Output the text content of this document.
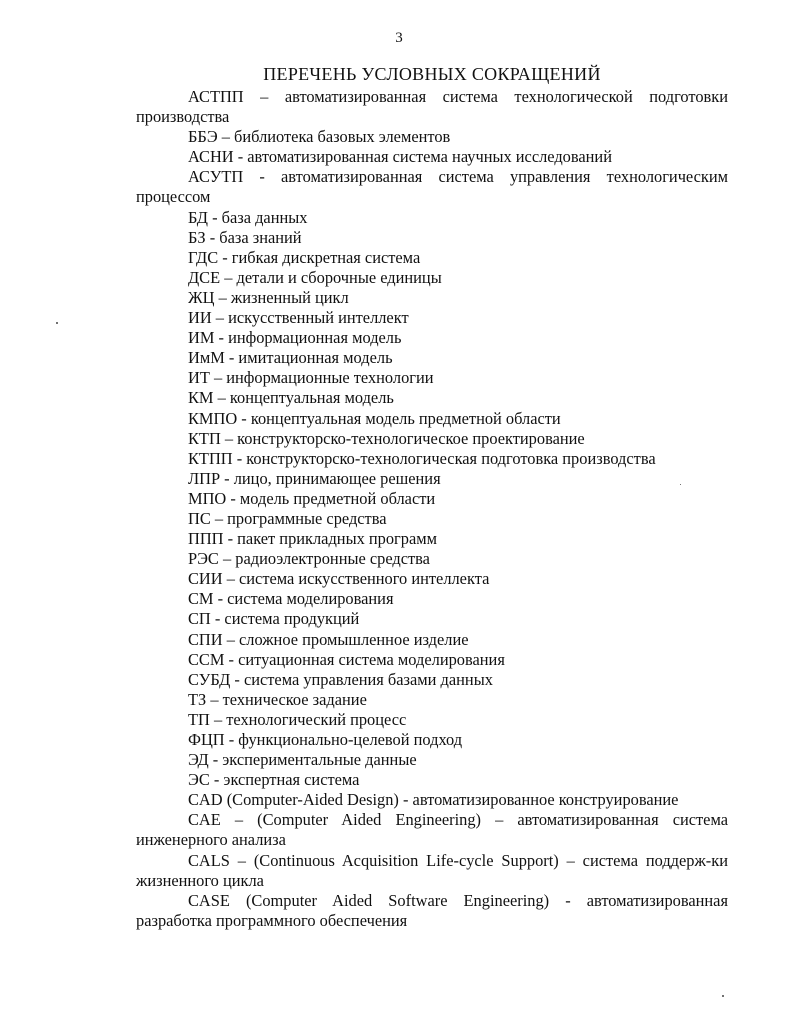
3
ПЕРЕЧЕНЬ УСЛОВНЫХ СОКРАЩЕНИЙ

АСТПП – автоматизированная система технологической подготовки производства

ББЭ – библиотека базовых элементов

АСНИ - автоматизированная система научных исследований

АСУТП - автоматизированная система управления технологическим процессом

БД - база данных

БЗ - база знаний

ГДС - гибкая дискретная система

ДСЕ – детали и сборочные единицы

ЖЦ – жизненный цикл

ИИ – искусственный интеллект

ИМ - информационная модель

ИмМ - имитационная модель

ИТ – информационные технологии

КМ – концептуальная модель

КМПО - концептуальная модель предметной области

КТП – конструкторско-технологическое проектирование

КТПП - конструкторско-технологическая подготовка производства

ЛПР - лицо, принимающее решения

МПО - модель предметной области

ПС – программные средства

ППП - пакет прикладных программ

РЭС – радиоэлектронные средства

СИИ – система искусственного интеллекта

СМ - система моделирования

СП - система продукций

СПИ – сложное промышленное изделие

ССМ - ситуационная система моделирования

СУБД - система управления базами данных

ТЗ – техническое задание

ТП – технологический процесс

ФЦП - функционально-целевой подход

ЭД - экспериментальные данные

ЭС - экспертная система

CAD (Computer-Aided Design) - автоматизированное конструирование

CAE – (Computer Aided Engineering) – автоматизированная система инженерного анализа

CALS – (Continuous Acquisition Life-cycle Support) – система поддерж-ки жизненного цикла

CASE (Computer Aided Software Engineering) - автоматизированная разработка программного обеспечения
